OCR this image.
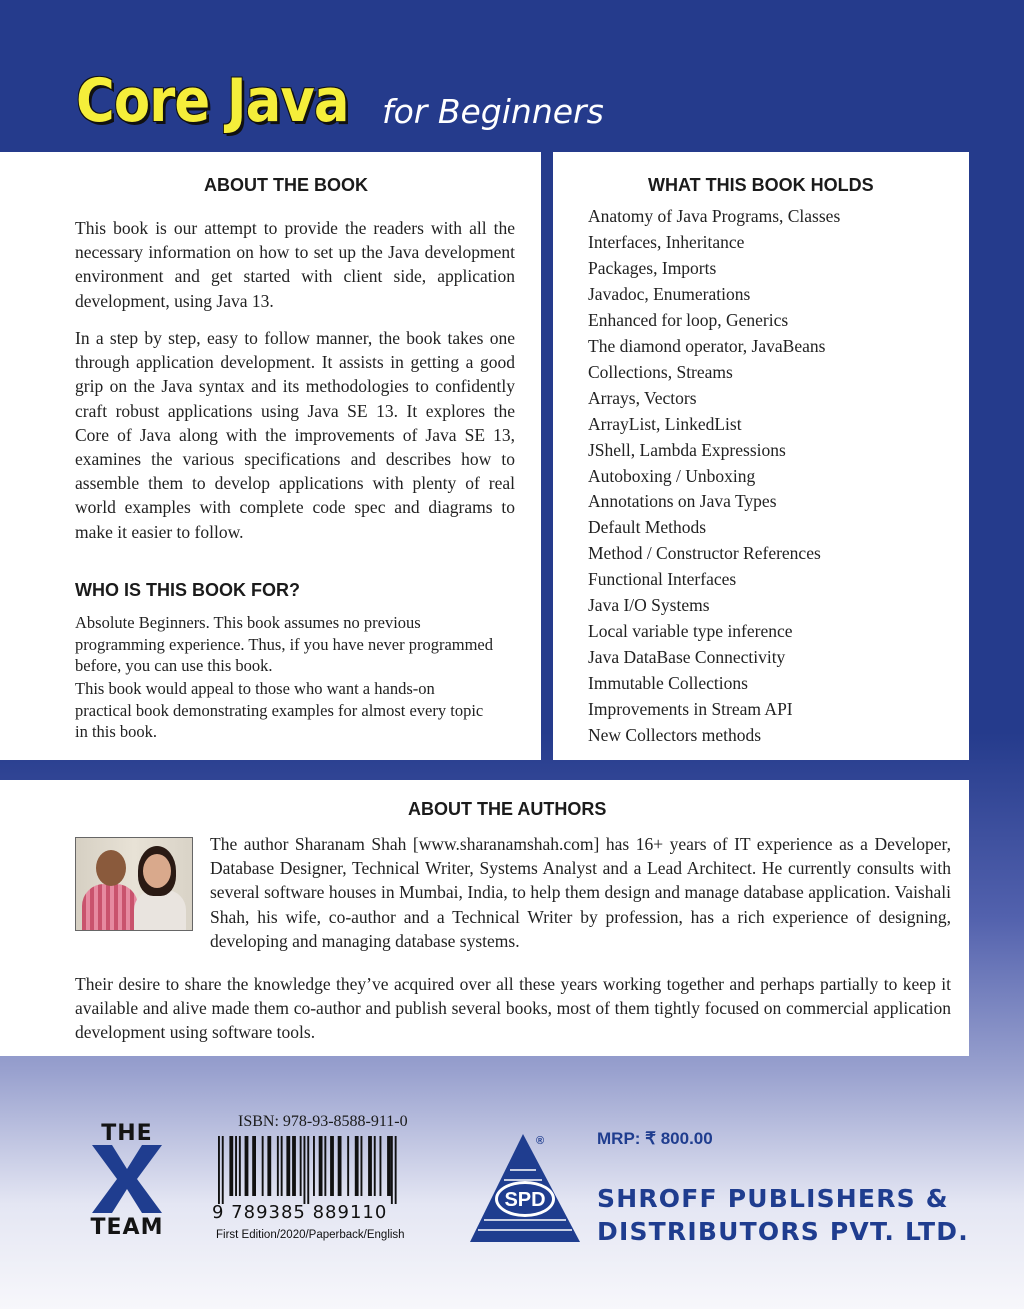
Core Java for Beginners
ABOUT THE BOOK

This book is our attempt to provide the readers with all the necessary information on how to set up the Java development environment and get started with client side, application development, using Java 13.

In a step by step, easy to follow manner, the book takes one through application development. It assists in getting a good grip on the Java syntax and its methodologies to confidently craft robust applications using Java SE 13. It explores the Core of Java along with the improvements of Java SE 13, examines the various specifications and describes how to assemble them to develop applications with plenty of real world examples with complete code spec and diagrams to make it easier to follow.

WHO IS THIS BOOK FOR?

Absolute Beginners. This book assumes no previous programming experience. Thus, if you have never programmed before, you can use this book.

This book would appeal to those who want a hands-on practical book demonstrating examples for almost every topic in this book.

WHAT THIS BOOK HOLDS
Anatomy of Java Programs, Classes
Interfaces, Inheritance
Packages, Imports
Javadoc, Enumerations
Enhanced for loop, Generics
The diamond operator, JavaBeans
Collections, Streams
Arrays, Vectors
ArrayList, LinkedList
JShell, Lambda Expressions
Autoboxing / Unboxing
Annotations on Java Types
Default Methods
Method / Constructor References
Functional Interfaces
Java I/O Systems
Local variable type inference
Java DataBase Connectivity
Immutable Collections
Improvements in Stream API
New Collectors methods
ABOUT THE AUTHORS

The author Sharanam Shah [www.sharanamshah.com] has 16+ years of IT experience as a Developer, Database Designer, Technical Writer, Systems Analyst and a Lead Architect. He currently consults with several software houses in Mumbai, India, to help them design and manage database application. Vaishali Shah, his wife, co-author and a Technical Writer by profession, has a rich experience of designing, developing and managing database systems.

Their desire to share the knowledge they’ve acquired over all these years working together and perhaps partially to keep it available and alive made them co-author and publish several books, most of them tightly focused on commercial application development using software tools.

THE
TEAM

ISBN: 978-93-8588-911-0

9 789385 889110

First Edition/2020/Paperback/English

SPD
®	MRP: ₹ 800.00

SHROFF PUBLISHERS &
DISTRIBUTORS PVT. LTD.
